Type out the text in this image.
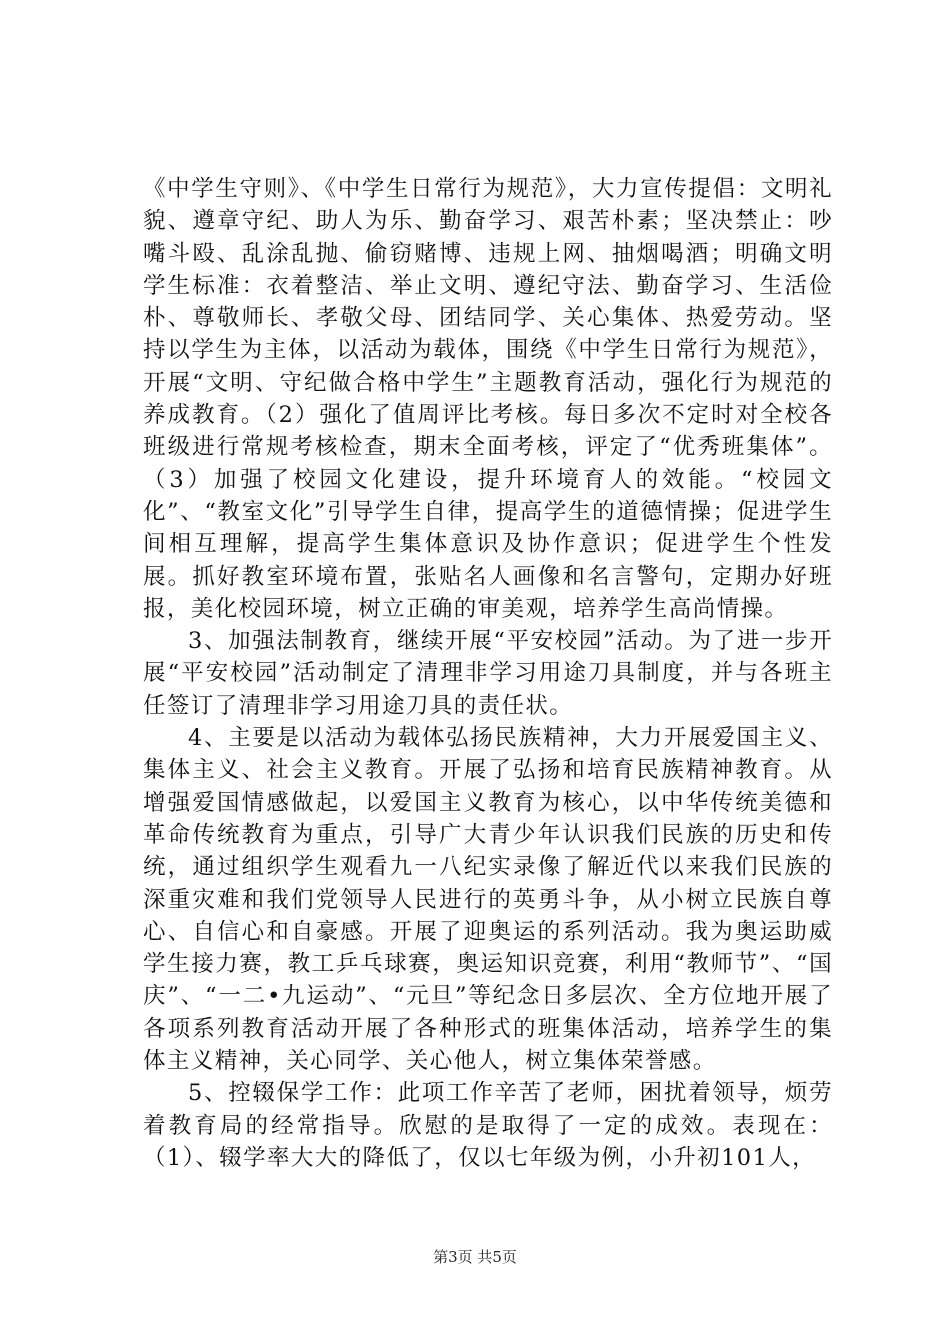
《中学生守则》、《中学生日常行为规范》，大力宣传提倡：文明礼貌、遵章守纪、助人为乐、勤奋学习、艰苦朴素；坚决禁止：吵嘴斗殴、乱涂乱抛、偷窃赌博、违规上网、抽烟喝酒；明确文明学生标准：衣着整洁、举止文明、遵纪守法、勤奋学习、生活俭朴、尊敬师长、孝敬父母、团结同学、关心集体、热爱劳动。坚持以学生为主体，以活动为载体，围绕《中学生日常行为规范》，开展“文明、守纪做合格中学生”主题教育活动，强化行为规范的养成教育。（2）强化了值周评比考核。每日多次不定时对全校各班级进行常规考核检查，期末全面考核，评定了“优秀班集体”。（3）加强了校园文化建设，提升环境育人的效能。“校园文化”、“教室文化”引导学生自律，提高学生的道德情操；促进学生间相互理解，提高学生集体意识及协作意识；促进学生个性发展。抓好教室环境布置，张贴名人画像和名言警句，定期办好班报，美化校园环境，树立正确的审美观，培养学生高尚情操。

3、加强法制教育，继续开展“平安校园”活动。为了进一步开展“平安校园”活动制定了清理非学习用途刀具制度，并与各班主任签订了清理非学习用途刀具的责任状。

4、主要是以活动为载体弘扬民族精神，大力开展爱国主义、集体主义、社会主义教育。开展了弘扬和培育民族精神教育。从增强爱国情感做起，以爱国主义教育为核心，以中华传统美德和革命传统教育为重点，引导广大青少年认识我们民族的历史和传统，通过组织学生观看九一八纪实录像了解近代以来我们民族的深重灾难和我们党领导人民进行的英勇斗争，从小树立民族自尊心、自信心和自豪感。开展了迎奥运的系列活动。我为奥运助威学生接力赛，教工乒乓球赛，奥运知识竞赛，利用“教师节”、“国庆”、“一二•九运动”、“元旦”等纪念日多层次、全方位地开展了各项系列教育活动开展了各种形式的班集体活动，培养学生的集体主义精神，关心同学、关心他人，树立集体荣誉感。

5、控辍保学工作：此项工作辛苦了老师，困扰着领导，烦劳着教育局的经常指导。欣慰的是取得了一定的成效。表现在：（1）、辍学率大大的降低了，仅以七年级为例，小升初101人，

第3页 共5页
